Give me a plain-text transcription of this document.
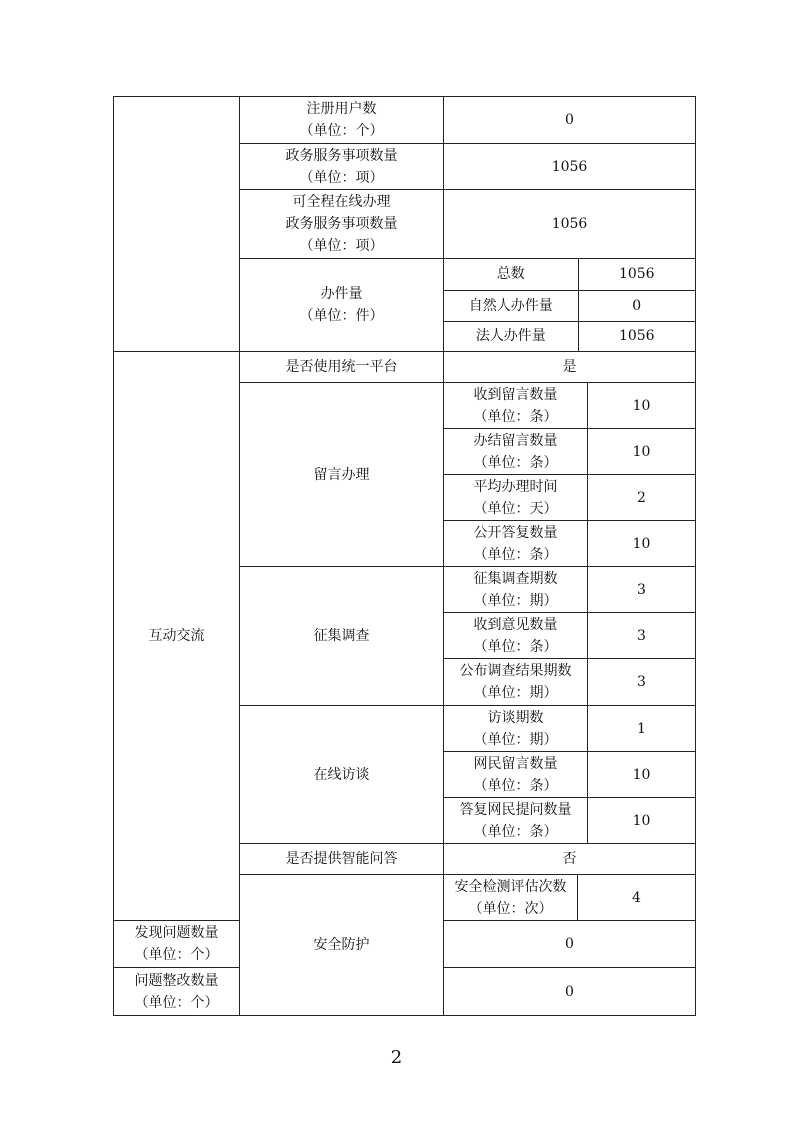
	注册用户数
（单位：个）	0
政务服务事项数量
（单位：项）	1056
可全程在线办理
政务服务事项数量
（单位：项）	1056
办件量
（单位：件）	
总数	1056
自然人办件量	0
法人办件量	1056

互动交流	是否使用统一平台	是
留言办理	收到留言数量
（单位：条）	10
办结留言数量
（单位：条）	10
平均办理时间
（单位：天）	2
公开答复数量
（单位：条）	10
征集调查	征集调查期数
（单位：期）	3
收到意见数量
（单位：条）	3
公布调查结果期数
（单位：期）	3
在线访谈	访谈期数
（单位：期）	1
网民留言数量
（单位：条）	10
答复网民提问数量
（单位：条）	10
是否提供智能问答	否
安全防护	安全检测评估次数
（单位：次）	4
发现问题数量
（单位：个）	0
问题整改数量
（单位：个）	0
2
